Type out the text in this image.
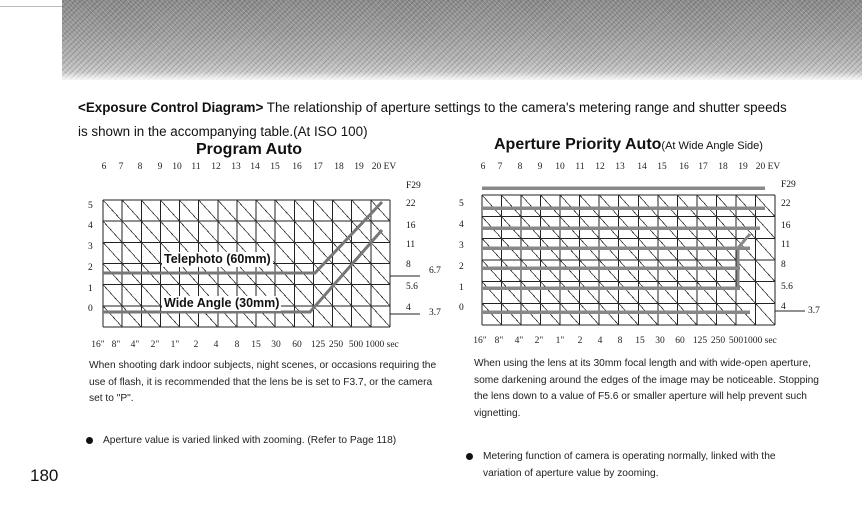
<Exposure Control Diagram> The relationship of aperture settings to the camera's metering range and shutter speeds is shown in the accompanying table.(At ISO 100)
Program Auto
6 7 8 9 10 11 12 13 14 15 16 17 18 19 20 EV
5
4
3
2
1
0
F29
22
16
11
8
5.6
4
6.7
3.7
16" 8" 4" 2" 1" 2 4 8 15 30 60 125 250 500 1000 sec
Telephoto (60mm)
Wide Angle (30mm)
Aperture Priority Auto(At Wide Angle Side)
6 7 8 9 10 11 12 13 14 15 16 17 18 19 20 EV
5
4
3
2
1
0
F29
22
16
11
8
5.6
4 3.7
16" 8" 4" 2" 1" 2 4 8 15 30 60 125 250 500 1000 sec
When shooting dark indoor subjects, night scenes, or occasions requiring the use of flash, it is recommended that the lens be is set to F3.7, or the camera set to "P".
When using the lens at its 30mm focal length and with wide-open aperture, some darkening around the edges of the image may be noticeable. Stopping the lens down to a value of F5.6 or smaller aperture will help prevent such vignetting.
Aperture value is varied linked with zooming. (Refer to Page 118)
Metering function of camera is operating normally, linked with the variation of aperture value by zooming.
180
